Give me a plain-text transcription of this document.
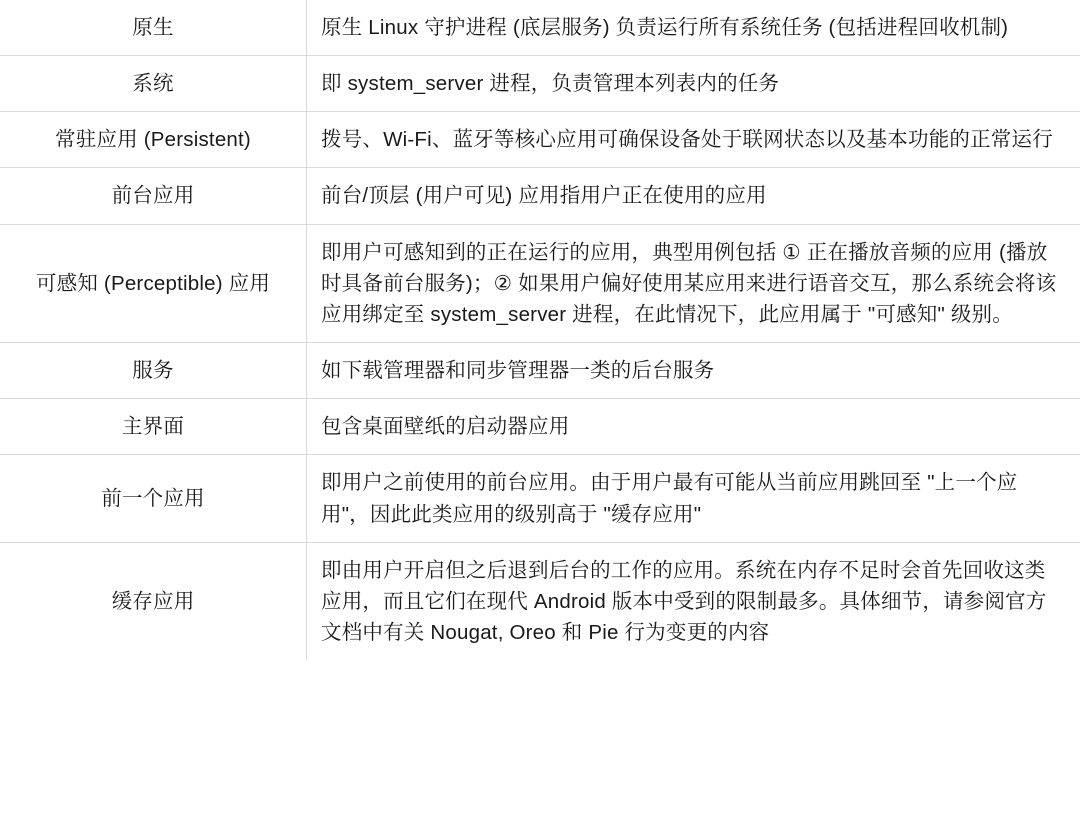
原生	原生 Linux 守护进程 (底层服务) 负责运行所有系统任务 (包括进程回收机制)

系统	即 system_server 进程，负责管理本列表内的任务

常驻应用 (Persistent)	拨号、Wi-Fi、蓝牙等核心应用可确保设备处于联网状态以及基本功能的正常运行

前台应用	前台/顶层 (用户可见) 应用指用户正在使用的应用

可感知 (Perceptible) 应用	即用户可感知到的正在运行的应用，典型用例包括 ① 正在播放音频的应用 (播放时具备前台服务)；② 如果用户偏好使用某应用来进行语音交互，那么系统会将该应用绑定至 system_server 进程，在此情况下，此应用属于 "可感知" 级别。

服务	如下载管理器和同步管理器一类的后台服务

主界面	包含桌面壁纸的启动器应用

前一个应用	即用户之前使用的前台应用。由于用户最有可能从当前应用跳回至 "上一个应用"，因此此类应用的级别高于 "缓存应用"

缓存应用	即由用户开启但之后退到后台的工作的应用。系统在内存不足时会首先回收这类应用，而且它们在现代 Android 版本中受到的限制最多。具体细节，请参阅官方文档中有关 Nougat, Oreo 和 Pie 行为变更的内容
